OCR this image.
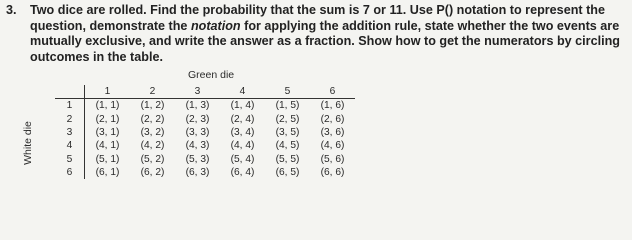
3. Two dice are rolled. Find the probability that the sum is 7 or 11. Use P() notation to represent the question, demonstrate the notation for applying the addition rule, state whether the two events are mutually exclusive, and write the answer as a fraction. Show how to get the numerators by circling outcomes in the table.
Green die
White die
	1	2	3	4	5	6
1	(1, 1)	(1, 2)	(1, 3)	(1, 4)	(1, 5)	(1, 6)
2	(2, 1)	(2, 2)	(2, 3)	(2, 4)	(2, 5)	(2, 6)
3	(3, 1)	(3, 2)	(3, 3)	(3, 4)	(3, 5)	(3, 6)
4	(4, 1)	(4, 2)	(4, 3)	(4, 4)	(4, 5)	(4, 6)
5	(5, 1)	(5, 2)	(5, 3)	(5, 4)	(5, 5)	(5, 6)
6	(6, 1)	(6, 2)	(6, 3)	(6, 4)	(6, 5)	(6, 6)
